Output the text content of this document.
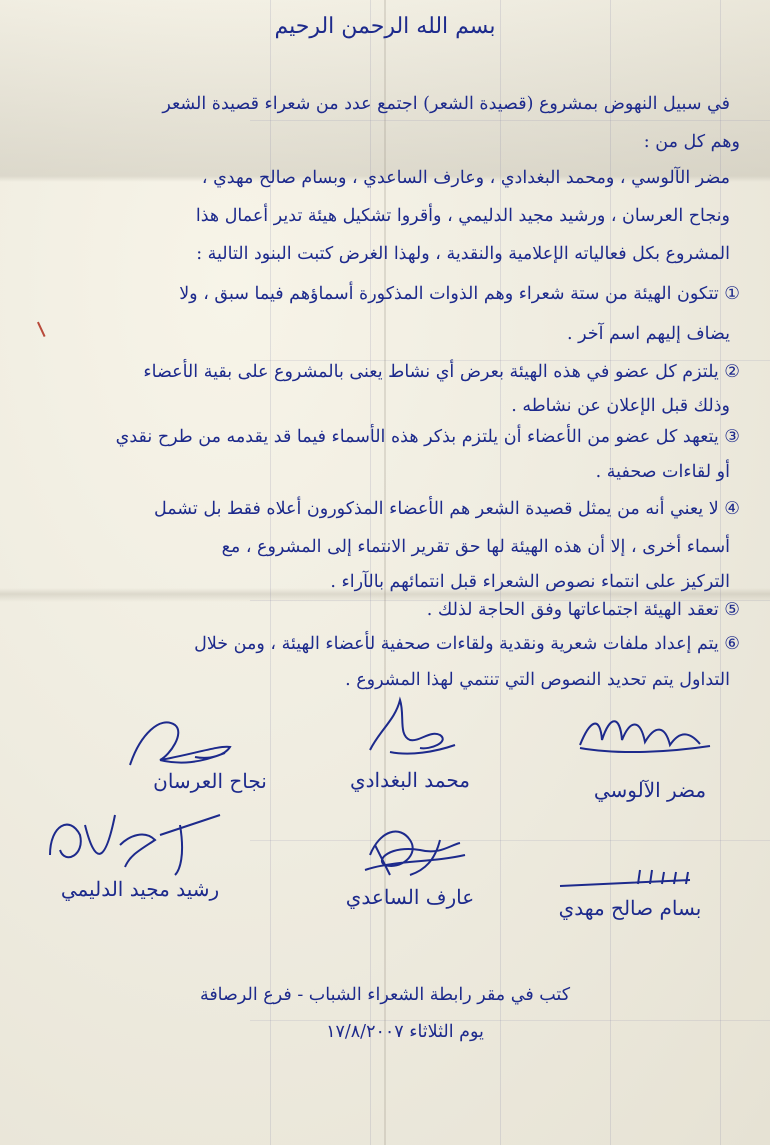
بسم الله الرحمن الرحيم
في سبيل النهوض بمشروع (قصيدة الشعر) اجتمع عدد من شعراء قصيدة الشعر
وهم كل من :
مضر الآلوسي ، ومحمد البغدادي ، وعارف الساعدي ، وبسام صالح مهدي ،
ونجاح العرسان ، ورشيد مجيد الدليمي ، وأقروا تشكيل هيئة تدير أعمال هذا
المشروع بكل فعالياته الإعلامية والنقدية ، ولهذا الغرض كتبت البنود التالية :
① تتكون الهيئة من ستة شعراء وهم الذوات المذكورة أسماؤهم فيما سبق ، ولا
يضاف إليهم اسم آخر .
② يلتزم كل عضو في هذه الهيئة بعرض أي نشاط يعنى بالمشروع على بقية الأعضاء
وذلك قبل الإعلان عن نشاطه .
③ يتعهد كل عضو من الأعضاء أن يلتزم بذكر هذه الأسماء فيما قد يقدمه من طرح نقدي
أو لقاءات صحفية .
④ لا يعني أنه من يمثل قصيدة الشعر هم الأعضاء المذكورون أعلاه فقط بل تشمل
أسماء أخرى ، إلا أن هذه الهيئة لها حق تقرير الانتماء إلى المشروع ، مع
التركيز على انتماء نصوص الشعراء قبل انتمائهم بالآراء .
⑤ تعقد الهيئة اجتماعاتها وفق الحاجة لذلك .
⑥ يتم إعداد ملفات شعرية ونقدية ولقاءات صحفية لأعضاء الهيئة ، ومن خلال
التداول يتم تحديد النصوص التي تنتمي لهذا المشروع .
نجاح العرسان	محمد البغدادي	مضر الآلوسي
رشيد مجيد الدليمي	عارف الساعدي	بسام صالح مهدي
كتب في مقر رابطة الشعراء الشباب - فرع الرصافة
يوم الثلاثاء ١٧/٨/٢٠٠٧
